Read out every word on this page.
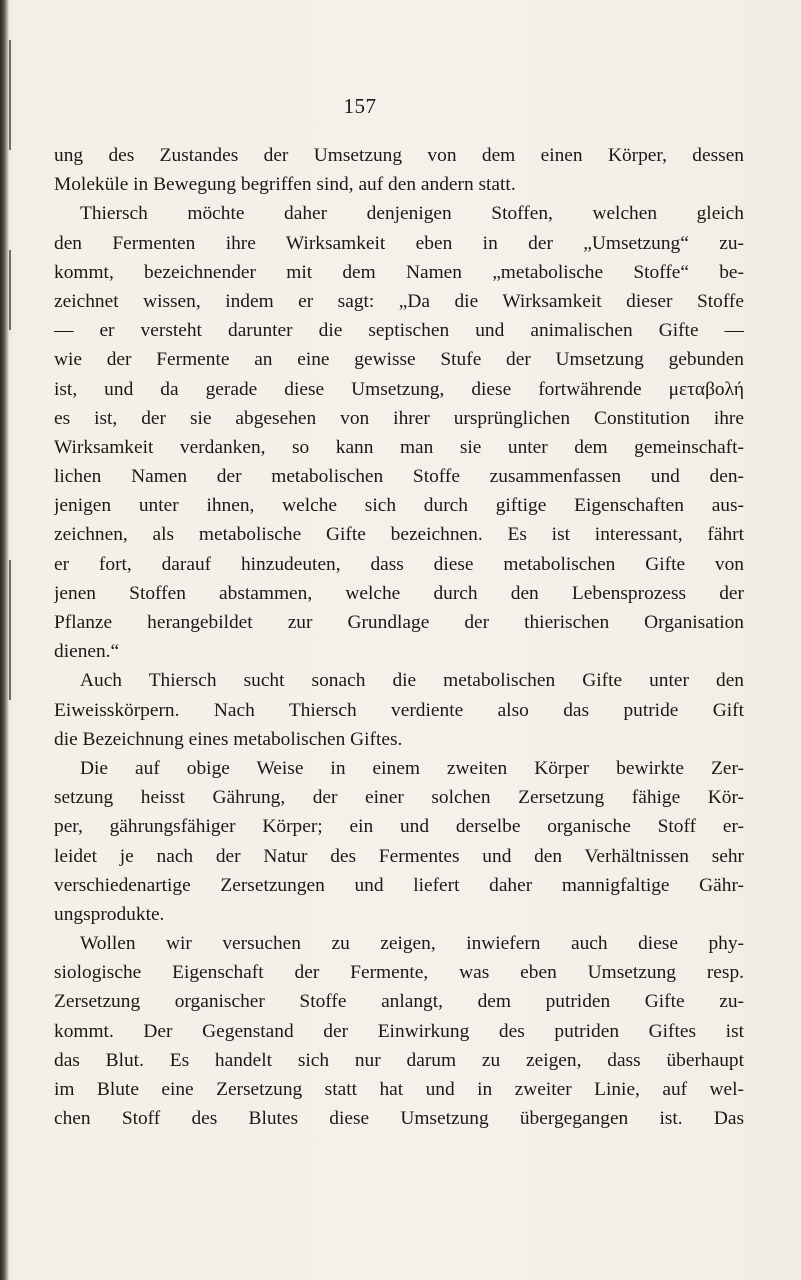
157
ung des Zustandes der Umsetzung von dem einen Körper, dessen
Moleküle in Bewegung begriffen sind, auf den andern statt.
Thiersch möchte daher denjenigen Stoffen, welchen gleich
den Fermenten ihre Wirksamkeit eben in der „Umsetzung“ zu-
kommt, bezeichnender mit dem Namen „metabolische Stoffe“ be-
zeichnet wissen, indem er sagt: „Da die Wirksamkeit dieser Stoffe
— er versteht darunter die septischen und animalischen Gifte —
wie der Fermente an eine gewisse Stufe der Umsetzung gebunden
ist, und da gerade diese Umsetzung, diese fortwährende μεταβολή
es ist, der sie abgesehen von ihrer ursprünglichen Constitution ihre
Wirksamkeit verdanken, so kann man sie unter dem gemeinschaft-
lichen Namen der metabolischen Stoffe zusammenfassen und den-
jenigen unter ihnen, welche sich durch giftige Eigenschaften aus-
zeichnen, als metabolische Gifte bezeichnen. Es ist interessant, fährt
er fort, darauf hinzudeuten, dass diese metabolischen Gifte von
jenen Stoffen abstammen, welche durch den Lebensprozess der
Pflanze herangebildet zur Grundlage der thierischen Organisation
dienen.“
Auch Thiersch sucht sonach die metabolischen Gifte unter den
Eiweisskörpern. Nach Thiersch verdiente also das putride Gift
die Bezeichnung eines metabolischen Giftes.
Die auf obige Weise in einem zweiten Körper bewirkte Zer-
setzung heisst Gährung, der einer solchen Zersetzung fähige Kör-
per, gährungsfähiger Körper; ein und derselbe organische Stoff er-
leidet je nach der Natur des Fermentes und den Verhältnissen sehr
verschiedenartige Zersetzungen und liefert daher mannigfaltige Gähr-
ungsprodukte.
Wollen wir versuchen zu zeigen, inwiefern auch diese phy-
siologische Eigenschaft der Fermente, was eben Umsetzung resp.
Zersetzung organischer Stoffe anlangt, dem putriden Gifte zu-
kommt. Der Gegenstand der Einwirkung des putriden Giftes ist
das Blut. Es handelt sich nur darum zu zeigen, dass überhaupt
im Blute eine Zersetzung statt hat und in zweiter Linie, auf wel-
chen Stoff des Blutes diese Umsetzung übergegangen ist. Das
